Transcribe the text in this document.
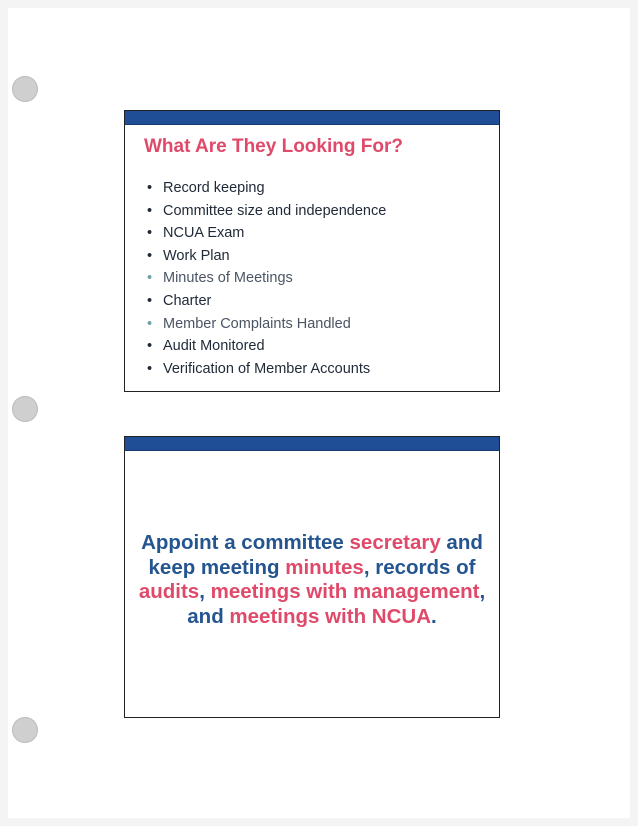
What Are They Looking For?
• Record keeping
• Committee size and independence
• NCUA Exam
• Work Plan
• Minutes of Meetings
• Charter
• Member Complaints Handled
• Audit Monitored
• Verification of Member Accounts
Appoint a committee secretary and
keep meeting minutes, records of
audits, meetings with management,
and meetings with NCUA.
